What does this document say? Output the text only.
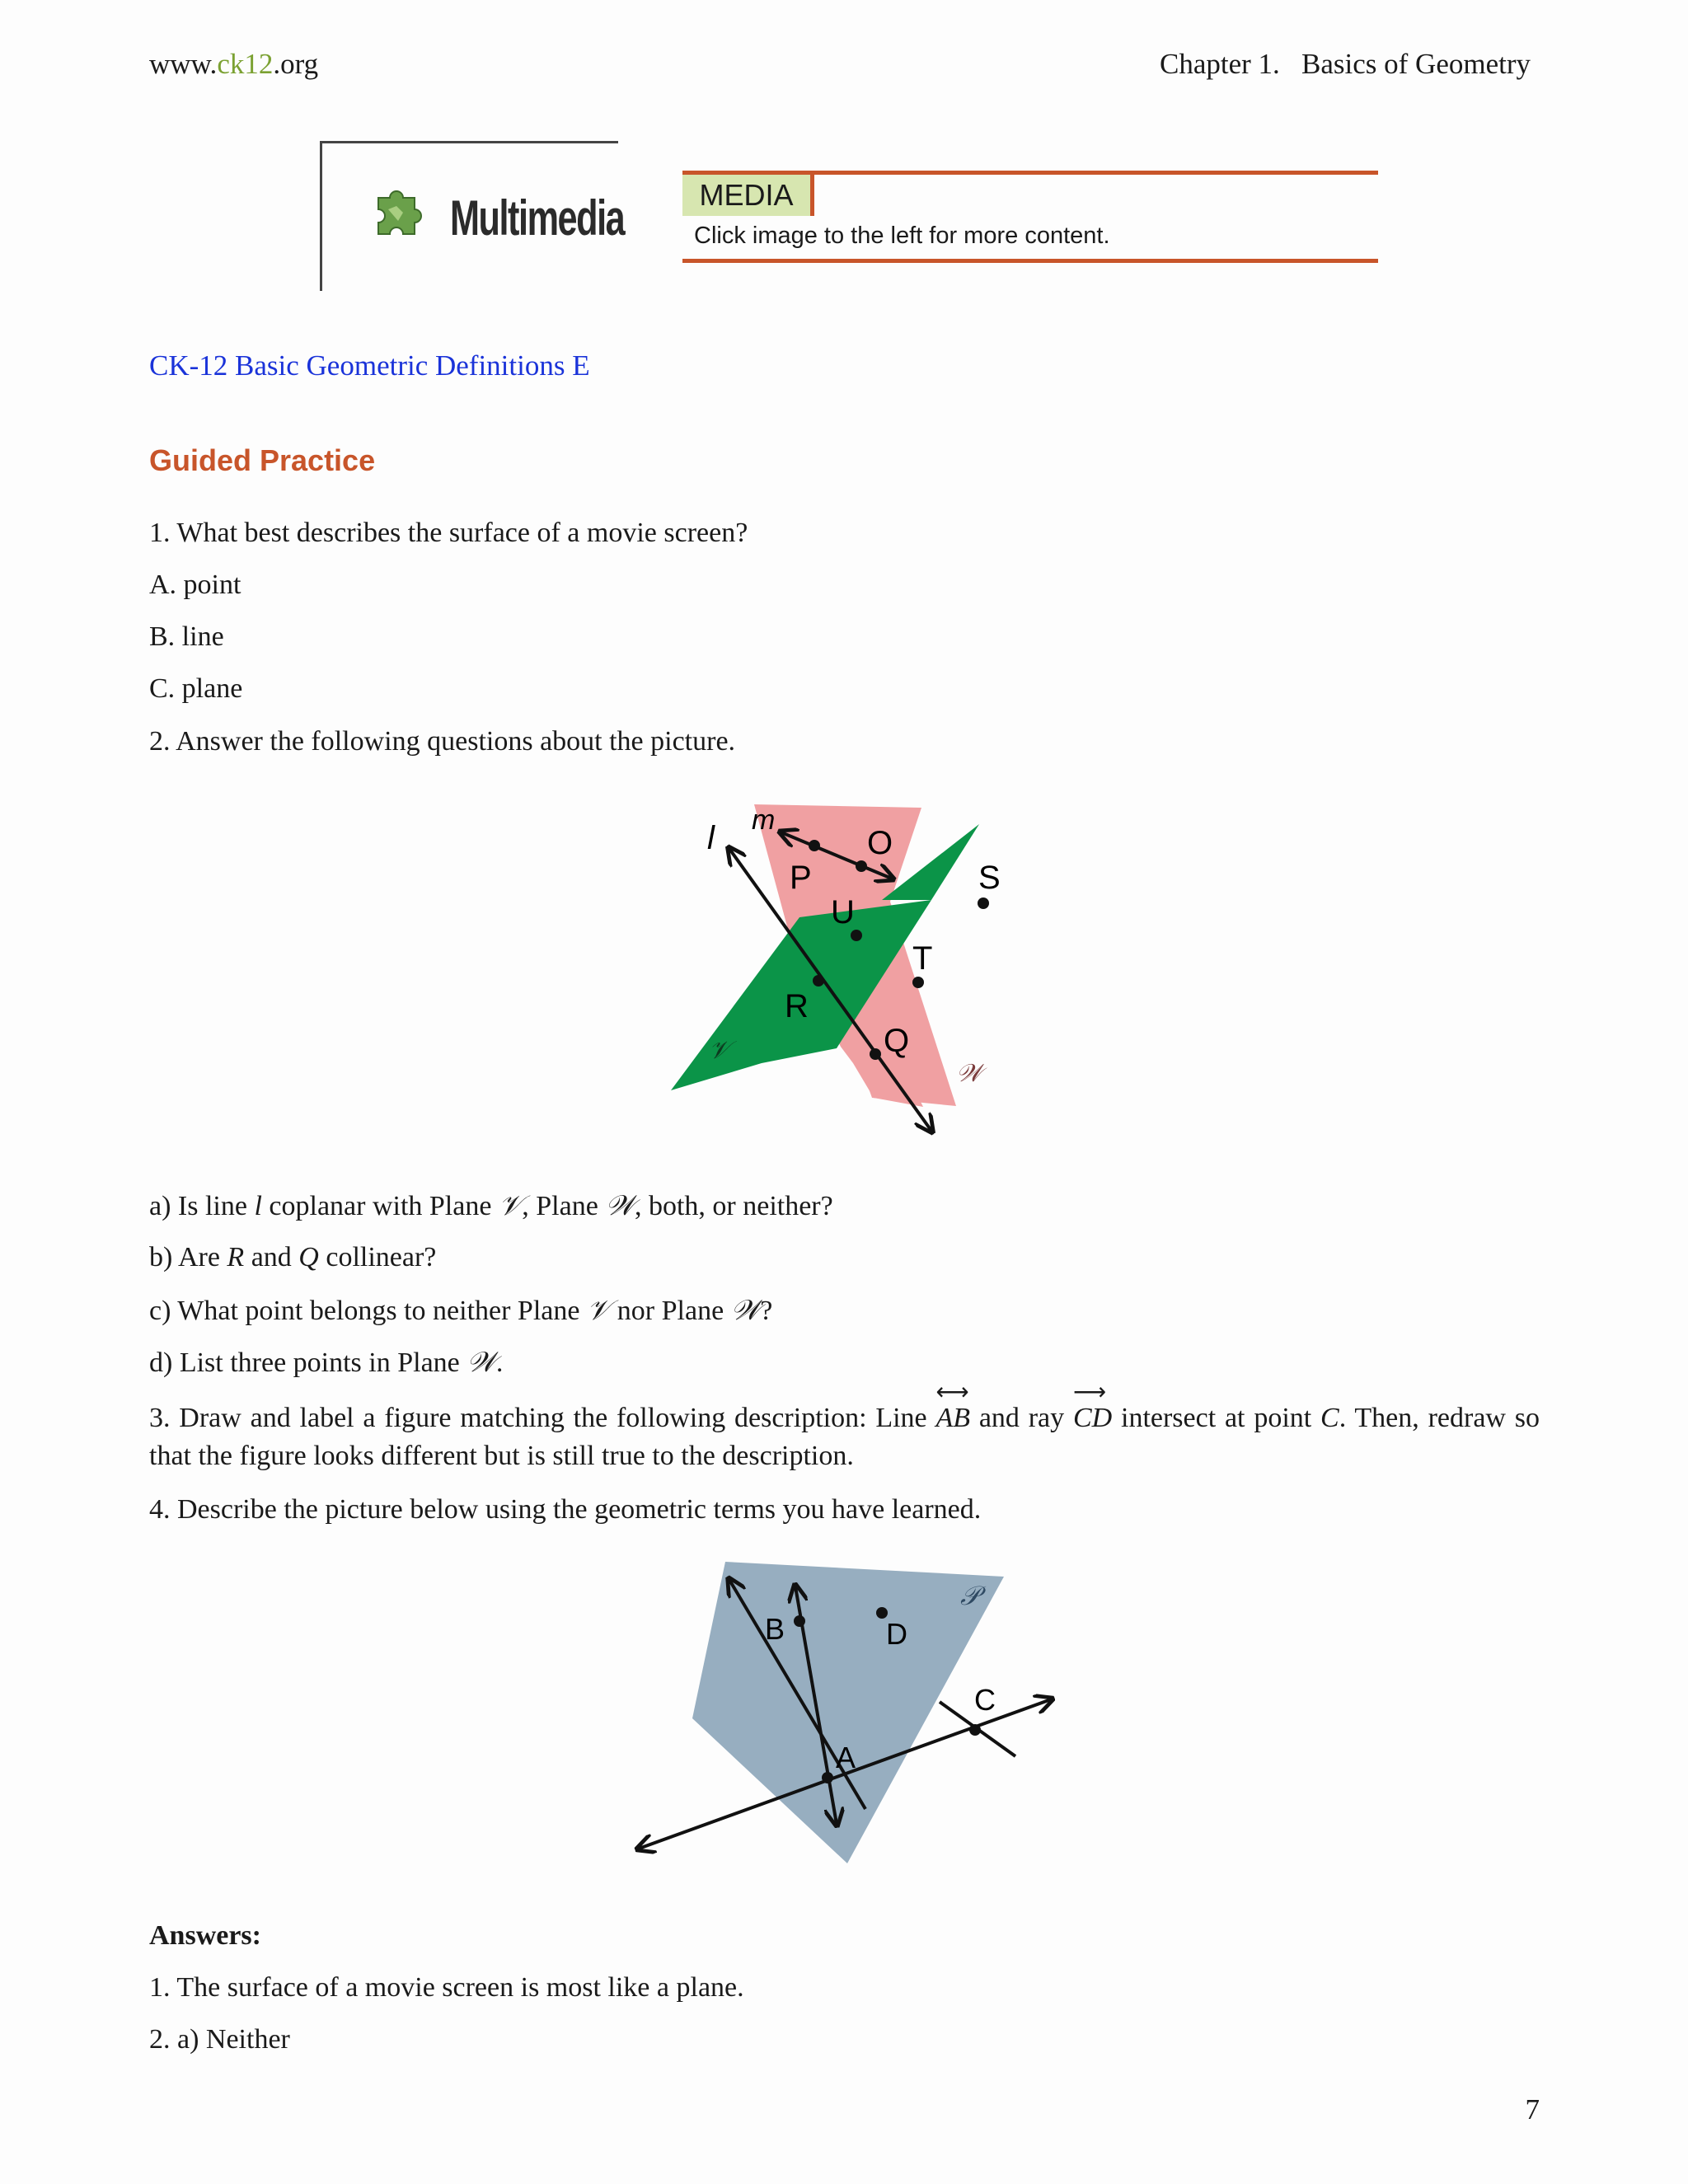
www.ck12.org	Chapter 1.   Basics of Geometry
Multimedia	MEDIA
Click image to the left for more content.
CK-12 Basic Geometric Definitions E
Guided Practice
1. What best describes the surface of a movie screen?
A. point
B. line
C. plane
2. Answer the following questions about the picture.
m
l
P
O
S
U
T
R
Q
𝒱
𝒲
a) Is line l coplanar with Plane 𝒱, Plane 𝒲, both, or neither?
b) Are R and Q collinear?
c) What point belongs to neither Plane 𝒱 nor Plane 𝒲?
d) List three points in Plane 𝒲.
3. Draw and label a figure matching the following description: Line
⟷
AB and ray
⟶
CD intersect at point C. Then, redraw so that the figure looks different but is still true to the description.
4. Describe the picture below using the geometric terms you have learned.
B	D
𝒫
C
A
Answers:
1. The surface of a movie screen is most like a plane.
2. a) Neither
7
